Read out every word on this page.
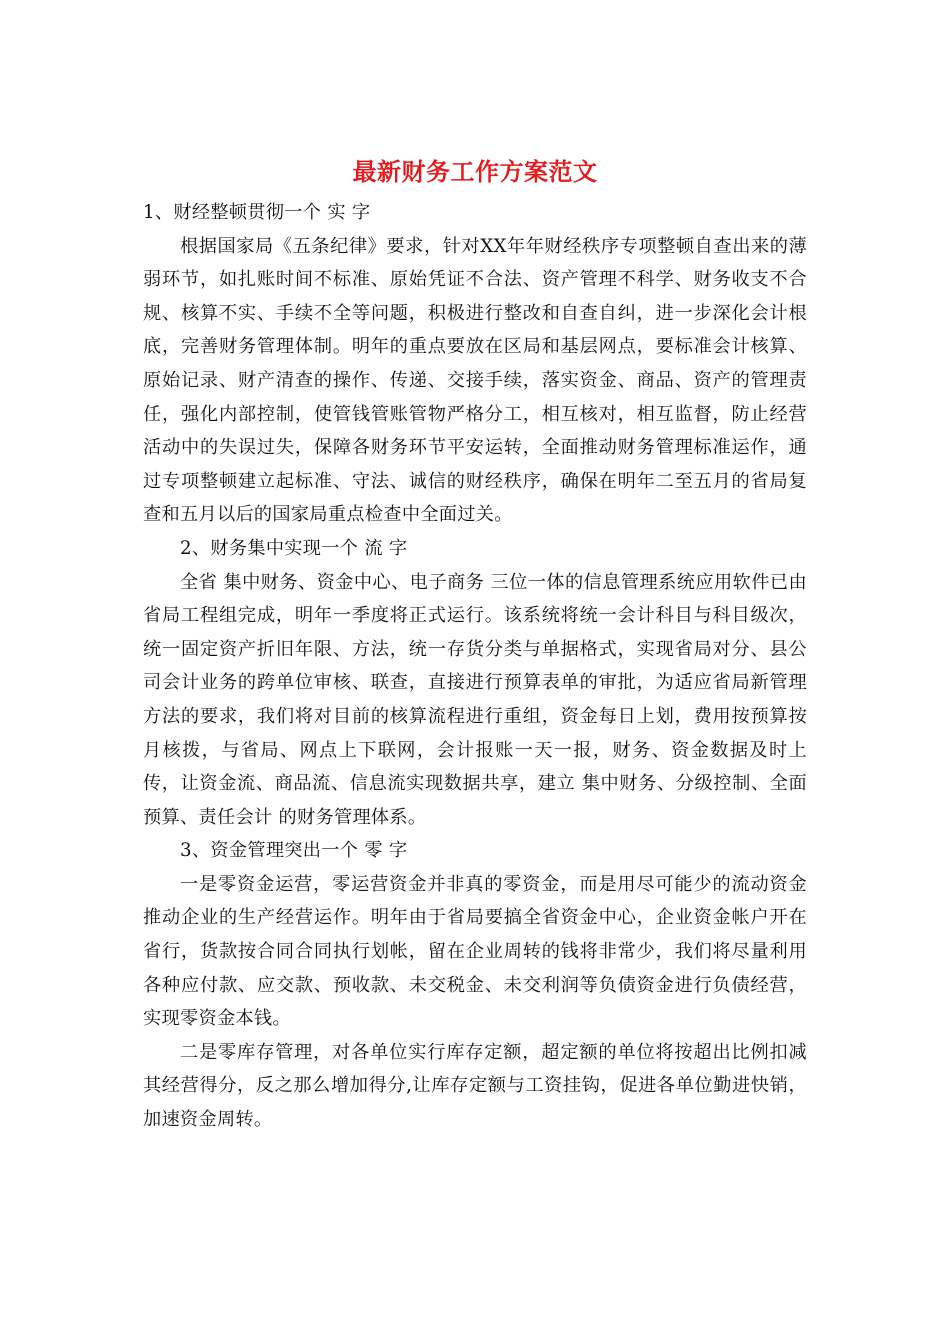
最新财务工作方案范文

1、财经整顿贯彻一个 实 字

根据国家局《五条纪律》要求，针对XX年年财经秩序专项整顿自查出来的薄弱环节，如扎账时间不标准、原始凭证不合法、资产管理不科学、财务收支不合规、核算不实、手续不全等问题，积极进行整改和自查自纠，进一步深化会计根底，完善财务管理体制。明年的重点要放在区局和基层网点，要标准会计核算、原始记录、财产清查的操作、传递、交接手续，落实资金、商品、资产的管理责任，强化内部控制，使管钱管账管物严格分工，相互核对，相互监督，防止经营活动中的失误过失，保障各财务环节平安运转，全面推动财务管理标准运作，通过专项整顿建立起标准、守法、诚信的财经秩序，确保在明年二至五月的省局复查和五月以后的国家局重点检查中全面过关。

2、财务集中实现一个 流 字

全省 集中财务、资金中心、电子商务 三位一体的信息管理系统应用软件已由省局工程组完成，明年一季度将正式运行。该系统将统一会计科目与科目级次，统一固定资产折旧年限、方法，统一存货分类与单据格式，实现省局对分、县公司会计业务的跨单位审核、联查，直接进行预算表单的审批，为适应省局新管理方法的要求，我们将对目前的核算流程进行重组，资金每日上划，费用按预算按月核拨，与省局、网点上下联网，会计报账一天一报，财务、资金数据及时上传，让资金流、商品流、信息流实现数据共享，建立 集中财务、分级控制、全面预算、责任会计 的财务管理体系。

3、资金管理突出一个 零 字

一是零资金运营，零运营资金并非真的零资金，而是用尽可能少的流动资金推动企业的生产经营运作。明年由于省局要搞全省资金中心，企业资金帐户开在省行，货款按合同合同执行划帐，留在企业周转的钱将非常少，我们将尽量利用各种应付款、应交款、预收款、未交税金、未交利润等负债资金进行负债经营，实现零资金本钱。

二是零库存管理，对各单位实行库存定额，超定额的单位将按超出比例扣减其经营得分，反之那么增加得分,让库存定额与工资挂钩，促进各单位勤进快销，加速资金周转。
